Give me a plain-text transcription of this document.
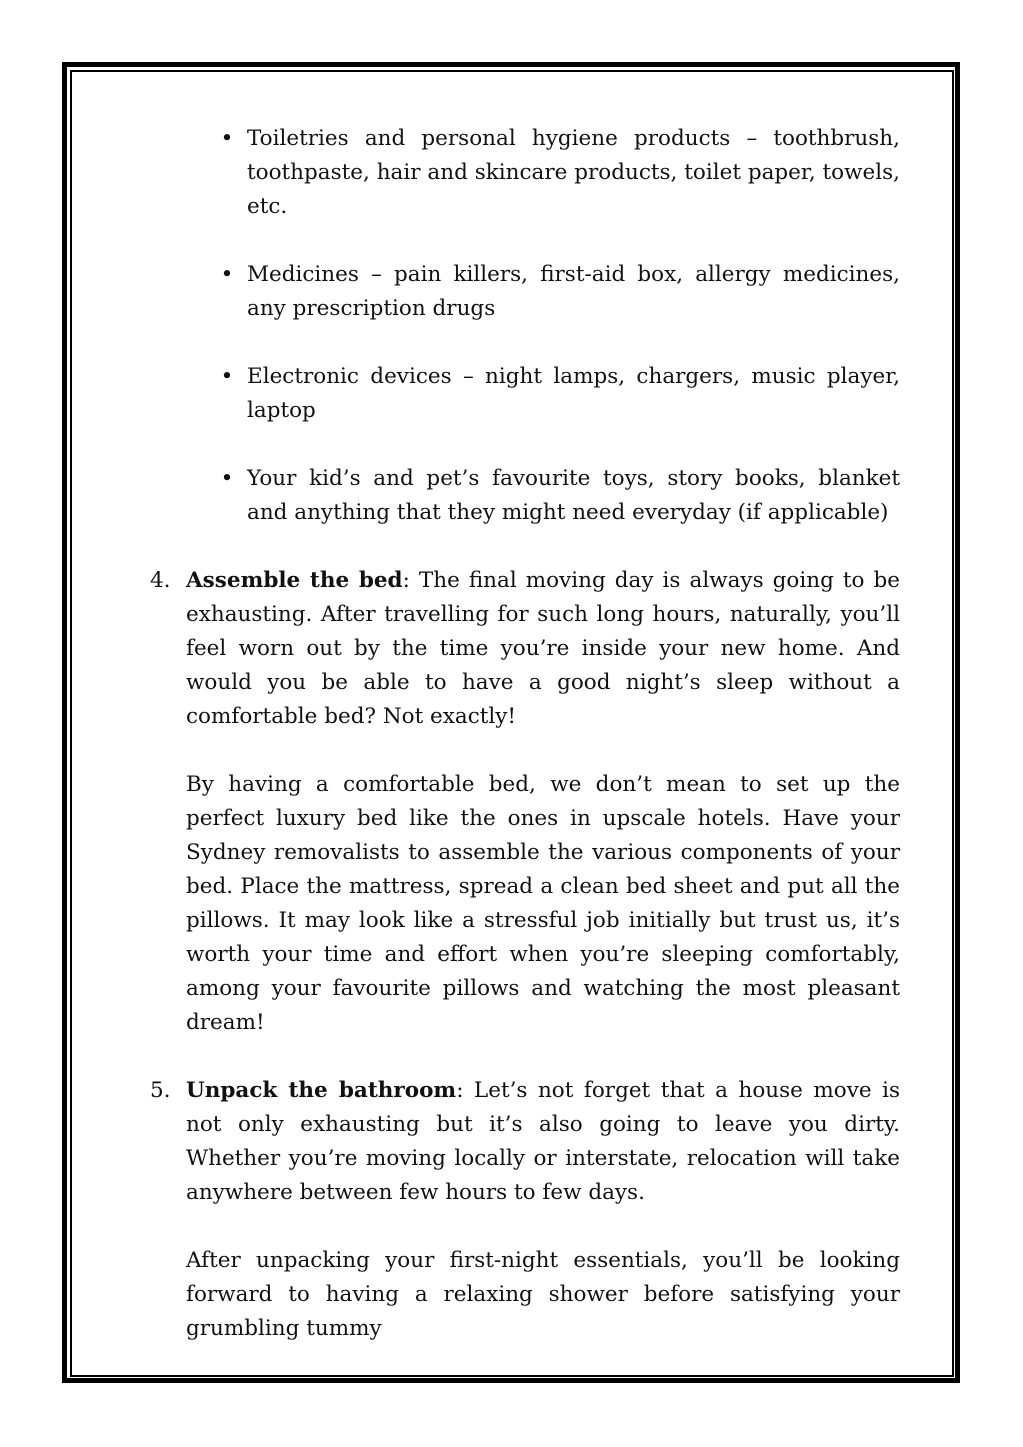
• Toiletries and personal hygiene products – toothbrush, toothpaste, hair and skincare products, toilet paper, towels, etc.
• Medicines – pain killers, first-aid box, allergy medicines, any prescription drugs
• Electronic devices – night lamps, chargers, music player, laptop
• Your kid’s and pet’s favourite toys, story books, blanket and anything that they might need everyday (if applicable)
4. Assemble the bed: The final moving day is always going to be exhausting. After travelling for such long hours, naturally, you’ll feel worn out by the time you’re inside your new home. And would you be able to have a good night’s sleep without a comfortable bed? Not exactly!

By having a comfortable bed, we don’t mean to set up the perfect luxury bed like the ones in upscale hotels. Have your Sydney removalists to assemble the various components of your bed. Place the mattress, spread a clean bed sheet and put all the pillows. It may look like a stressful job initially but trust us, it’s worth your time and effort when you’re sleeping comfortably, among your favourite pillows and watching the most pleasant dream!

5. Unpack the bathroom: Let’s not forget that a house move is not only exhausting but it’s also going to leave you dirty. Whether you’re moving locally or interstate, relocation will take anywhere between few hours to few days.

After unpacking your first-night essentials, you’ll be looking forward to having a relaxing shower before satisfying your grumbling tummy
